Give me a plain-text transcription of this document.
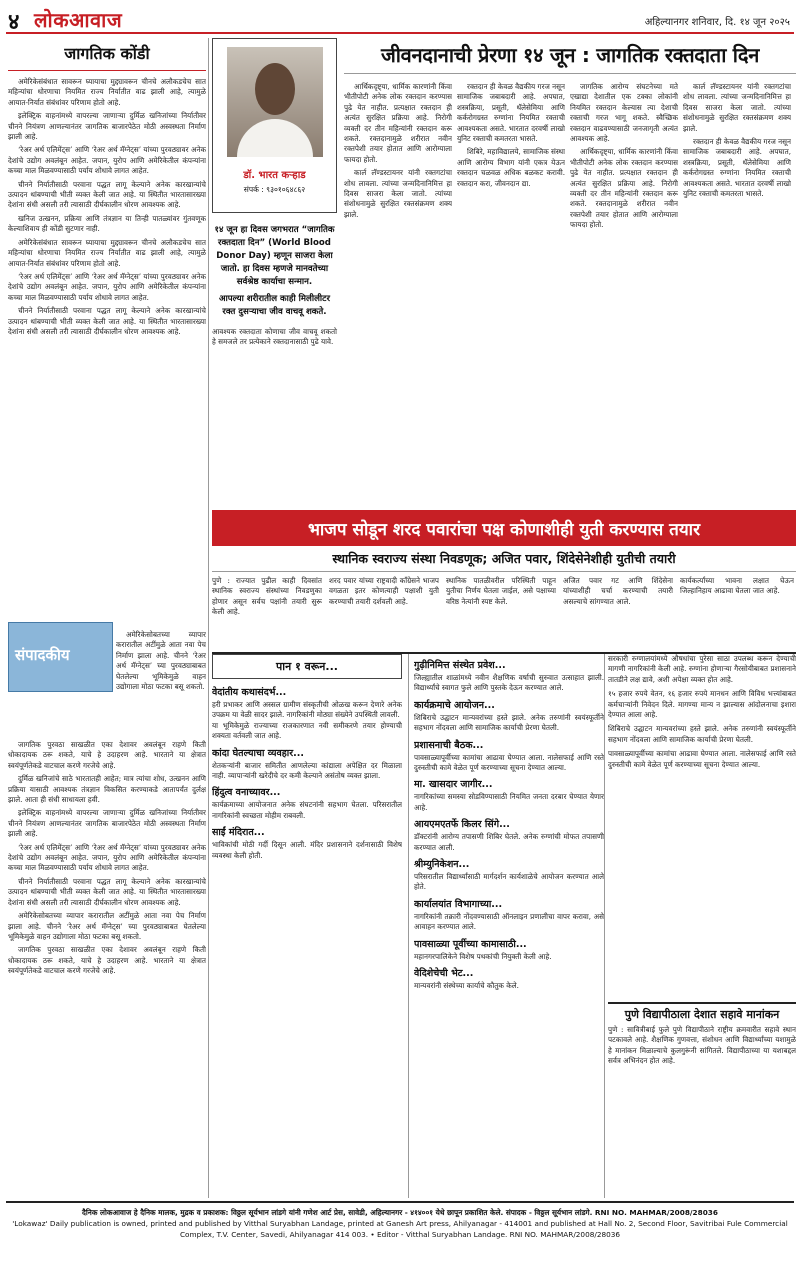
४ लोकआवाज	अहिल्यानगर शनिवार, दि. १४ जून २०२५
जागतिक कोंडी

अमेरिकेसंबंधात सावरून घ्यायाचा मुद्द्यावरून चीनचे अलौकडचेच सात महिन्यांचा धोरणाचा नियमित राज्य निर्यातीत वाढ झाली आहे, त्यामुळे आयात-निर्यात संबंधांवर परिणाम होतो आहे.

इलेक्ट्रिक वाहनांमध्ये वापरल्या जाणाऱ्या दुर्मिळ खनिजांच्या निर्यातीवर चीनने नियंत्रण आणल्यानंतर जागतिक बाजारपेठेत मोठी अस्वस्थता निर्माण झाली आहे.

‘रेअर अर्थ एलिमेंट्स’ आणि ‘रेअर अर्थ मॅग्नेट्स’ यांच्या पुरवठ्यावर अनेक देशांचे उद्योग अवलंबून आहेत. जपान, युरोप आणि अमेरिकेतील कंपन्यांना कच्चा माल मिळवण्यासाठी पर्याय शोधावे लागत आहेत.

चीनने निर्यातीसाठी परवाना पद्धत लागू केल्याने अनेक कारखान्यांचे उत्पादन थांबण्याची भीती व्यक्त केली जात आहे. या स्थितीत भारतासारख्या देशांना संधी असली तरी त्यासाठी दीर्घकालीन धोरण आवश्यक आहे.

खनिज उत्खनन, प्रक्रिया आणि तंत्रज्ञान या तिन्ही पातळ्यांवर गुंतवणूक केल्याशिवाय ही कोंडी सुटणार नाही.

अमेरिकेसंबंधात सावरून घ्यायाचा मुद्द्यावरून चीनचे अलौकडचेच सात महिन्यांचा धोरणाचा नियमित राज्य निर्यातीत वाढ झाली आहे, त्यामुळे आयात-निर्यात संबंधांवर परिणाम होतो आहे.

‘रेअर अर्थ एलिमेंट्स’ आणि ‘रेअर अर्थ मॅग्नेट्स’ यांच्या पुरवठ्यावर अनेक देशांचे उद्योग अवलंबून आहेत. जपान, युरोप आणि अमेरिकेतील कंपन्यांना कच्चा माल मिळवण्यासाठी पर्याय शोधावे लागत आहेत.

चीनने निर्यातीसाठी परवाना पद्धत लागू केल्याने अनेक कारखान्यांचे उत्पादन थांबण्याची भीती व्यक्त केली जात आहे. या स्थितीत भारतासारख्या देशांना संधी असली तरी त्यासाठी दीर्घकालीन धोरण आवश्यक आहे.

अमेरिकेसोबतच्या व्यापार करारातील अटींमुळे आता नवा पेच निर्माण झाला आहे. चीनने ‘रेअर अर्थ मॅग्नेट्स’ च्या पुरवठ्याबाबत घेतलेल्या भूमिकेमुळे वाहन उद्योगाला मोठा फटका बसू शकतो.

जागतिक पुरवठा साखळीत एका देशावर अवलंबून राहणे किती धोकादायक ठरू शकते, याचे हे उदाहरण आहे. भारताने या क्षेत्रात स्वयंपूर्णतेकडे वाटचाल करणे गरजेचे आहे.

दुर्मिळ खनिजांचे साठे भारतातही आहेत; मात्र त्यांचा शोध, उत्खनन आणि प्रक्रिया यासाठी आवश्यक तंत्रज्ञान विकसित करण्याकडे आतापर्यंत दुर्लक्ष झाले. आता ही संधी साधायला हवी.

इलेक्ट्रिक वाहनांमध्ये वापरल्या जाणाऱ्या दुर्मिळ खनिजांच्या निर्यातीवर चीनने नियंत्रण आणल्यानंतर जागतिक बाजारपेठेत मोठी अस्वस्थता निर्माण झाली आहे.

‘रेअर अर्थ एलिमेंट्स’ आणि ‘रेअर अर्थ मॅग्नेट्स’ यांच्या पुरवठ्यावर अनेक देशांचे उद्योग अवलंबून आहेत. जपान, युरोप आणि अमेरिकेतील कंपन्यांना कच्चा माल मिळवण्यासाठी पर्याय शोधावे लागत आहेत.

चीनने निर्यातीसाठी परवाना पद्धत लागू केल्याने अनेक कारखान्यांचे उत्पादन थांबण्याची भीती व्यक्त केली जात आहे. या स्थितीत भारतासारख्या देशांना संधी असली तरी त्यासाठी दीर्घकालीन धोरण आवश्यक आहे.

अमेरिकेसोबतच्या व्यापार करारातील अटींमुळे आता नवा पेच निर्माण झाला आहे. चीनने ‘रेअर अर्थ मॅग्नेट्स’ च्या पुरवठ्याबाबत घेतलेल्या भूमिकेमुळे वाहन उद्योगाला मोठा फटका बसू शकतो.

जागतिक पुरवठा साखळीत एका देशावर अवलंबून राहणे किती धोकादायक ठरू शकते, याचे हे उदाहरण आहे. भारताने या क्षेत्रात स्वयंपूर्णतेकडे वाटचाल करणे गरजेचे आहे.

संपादकीय
डॉ. भारत कऱ्हाड
संपर्क : ९३०१०६४८६२
जीवनदानाची प्रेरणा १४ जून : जागतिक रक्तदाता दिन
१४ जून हा दिवस जगभरात “जागतिक रक्तदाता दिन” (World Blood Donor Day) म्हणून साजरा केला जातो. हा दिवस म्हणजे मानवतेच्या सर्वश्रेष्ठ कार्याचा सन्मान.
आपल्या शरीरातील काही मिलीलीटर रक्त दुसऱ्याचा जीव वाचवू शकते.
आवश्यक रक्तदाता कोणाचा जीव वाचवू शकतो हे समजले तर प्रत्येकाने रक्तदानासाठी पुढे यावे.

आर्थिकदृष्ट्या, धार्मिक कारणांनी किंवा भीतीपोटी अनेक लोक रक्तदान करण्यास पुढे येत नाहीत. प्रत्यक्षात रक्तदान ही अत्यंत सुरक्षित प्रक्रिया आहे. निरोगी व्यक्ती दर तीन महिन्यांनी रक्तदान करू शकते. रक्तदानामुळे शरीरात नवीन रक्तपेशी तयार होतात आणि आरोग्याला फायदा होतो.

कार्ल लॅण्डस्टायनर यांनी रक्तगटांचा शोध लावला. त्यांच्या जन्मदिनानिमित्त हा दिवस साजरा केला जातो. त्यांच्या संशोधनामुळे सुरक्षित रक्तसंक्रमण शक्य झाले.

रक्तदान ही केवळ वैद्यकीय गरज नसून सामाजिक जबाबदारी आहे. अपघात, शस्त्रक्रिया, प्रसूती, थॅलेसेमिया आणि कर्करोगग्रस्त रुग्णांना नियमित रक्ताची आवश्यकता असते. भारतात दरवर्षी लाखो युनिट रक्ताची कमतरता भासते.

शिबिरे, महाविद्यालये, सामाजिक संस्था आणि आरोग्य विभाग यांनी एकत्र येऊन रक्तदान चळवळ अधिक बळकट करावी. रक्तदान करा, जीवनदान द्या.

जागतिक आरोग्य संघटनेच्या मते एखाद्या देशातील एक टक्का लोकांनी नियमित रक्तदान केल्यास त्या देशाची रक्ताची गरज भागू शकते. स्वैच्छिक रक्तदान वाढवण्यासाठी जनजागृती अत्यंत आवश्यक आहे.

आर्थिकदृष्ट्या, धार्मिक कारणांनी किंवा भीतीपोटी अनेक लोक रक्तदान करण्यास पुढे येत नाहीत. प्रत्यक्षात रक्तदान ही अत्यंत सुरक्षित प्रक्रिया आहे. निरोगी व्यक्ती दर तीन महिन्यांनी रक्तदान करू शकते. रक्तदानामुळे शरीरात नवीन रक्तपेशी तयार होतात आणि आरोग्याला फायदा होतो.

कार्ल लॅण्डस्टायनर यांनी रक्तगटांचा शोध लावला. त्यांच्या जन्मदिनानिमित्त हा दिवस साजरा केला जातो. त्यांच्या संशोधनामुळे सुरक्षित रक्तसंक्रमण शक्य झाले.

रक्तदान ही केवळ वैद्यकीय गरज नसून सामाजिक जबाबदारी आहे. अपघात, शस्त्रक्रिया, प्रसूती, थॅलेसेमिया आणि कर्करोगग्रस्त रुग्णांना नियमित रक्ताची आवश्यकता असते. भारतात दरवर्षी लाखो युनिट रक्ताची कमतरता भासते.

भाजप सोडून शरद पवारांचा पक्ष कोणाशीही युती करण्यास तयार
स्थानिक स्वराज्य संस्था निवडणूक; अजित पवार, शिंदेसेनेशीही युतीची तयारी
पुणे : राज्यात पुढील काही दिवसांत स्थानिक स्वराज्य संस्थांच्या निवडणुका होणार असून सर्वच पक्षांनी तयारी सुरू केली आहे.
शरद पवार यांच्या राष्ट्रवादी काँग्रेसने भाजप वगळता इतर कोणत्याही पक्षाशी युती करण्याची तयारी दर्शवली आहे.
स्थानिक पातळीवरील परिस्थिती पाहून युतीचा निर्णय घेतला जाईल, असे पक्षाच्या वरिष्ठ नेत्यांनी स्पष्ट केले.
अजित पवार गट आणि शिंदेसेना यांच्याशीही चर्चा करण्याची तयारी असल्याचे सांगण्यात आले.
कार्यकर्त्यांच्या भावना लक्षात घेऊन जिल्हानिहाय आढावा घेतला जात आहे.
पान १ वरून...
वेदांतीय कथासंदर्भ...
हरी प्रभाकर आणि अस्सल ग्रामीण संस्कृतीची ओळख करून देणारे अनेक उपक्रम या वेळी सादर झाले. नागरिकांनी मोठ्या संख्येने उपस्थिती लावली.
या भूमिकेमुळे राज्याच्या राजकारणात नवी समीकरणे तयार होण्याची शक्यता वर्तवली जात आहे.
कांदा घेतल्याचा व्यवहार...
शेतकऱ्यांनी बाजार समितीत आणलेल्या कांद्याला अपेक्षित दर मिळाला नाही. व्यापाऱ्यांनी खरेदीचे दर कमी केल्याने असंतोष व्यक्त झाला.
हिंदुत्व वनाच्यावर...
कार्यक्रमाच्या आयोजनात अनेक संघटनांनी सहभाग घेतला. परिसरातील नागरिकांनी स्वच्छता मोहीम राबवली.
साईं मंदिरात...
भाविकांची मोठी गर्दी दिसून आली. मंदिर प्रशासनाने दर्शनासाठी विशेष व्यवस्था केली होती.
गुढ़ीनिमित्त संस्थेत प्रवेश...
जिल्ह्यातील शाळांमध्ये नवीन शैक्षणिक वर्षाची सुरुवात उत्साहात झाली. विद्यार्थ्यांचे स्वागत फुले आणि पुस्तके देऊन करण्यात आले.
कार्यक्रमाचे आयोजन...
शिबिराचे उद्घाटन मान्यवरांच्या हस्ते झाले. अनेक तरुणांनी स्वयंस्फूर्तीने सहभाग नोंदवला आणि सामाजिक कार्याची प्रेरणा घेतली.
प्रशासनाची बैठक...
पावसाळ्यापूर्वीच्या कामांचा आढावा घेण्यात आला. नालेसफाई आणि रस्ते दुरुस्तीची कामे वेळेत पूर्ण करण्याच्या सूचना देण्यात आल्या.
मा. खासदार जागीर...
नागरिकांच्या समस्या सोडविण्यासाठी नियमित जनता दरबार घेण्यात येणार आहे.
आयएमएतर्फे किलर सिंगे...
डॉक्टरांनी आरोग्य तपासणी शिबिर घेतले. अनेक रुग्णांची मोफत तपासणी करण्यात आली.
श्रीम्युनिकेशन...
परिसरातील विद्यार्थ्यांसाठी मार्गदर्शन कार्यशाळेचे आयोजन करण्यात आले होते.
कार्यालयांत विभागाच्या...
नागरिकांनी तक्रारी नोंदवण्यासाठी ऑनलाइन प्रणालीचा वापर करावा, असे आवाहन करण्यात आले.
पावसाळ्या पूर्वीच्या कामासाठी...
महानगरपालिकेने विशेष पथकांची नियुक्ती केली आहे.
वेदिशेचेची भेट...
मान्यवरांनी संस्थेच्या कार्याचे कौतुक केले.
सरकारी रुग्णालयांमध्ये औषधांचा पुरेसा साठा उपलब्ध करून देण्याची मागणी नागरिकांनी केली आहे. रुग्णांना होणाऱ्या गैरसोयीबाबत प्रशासनाने तातडीने लक्ष द्यावे, अशी अपेक्षा व्यक्त होत आहे.
१५ हजार रुपये वेतन, १६ हजार रुपये मानधन आणि विविध भत्त्यांबाबत कर्मचाऱ्यांनी निवेदन दिले. मागण्या मान्य न झाल्यास आंदोलनाचा इशारा देण्यात आला आहे.
शिबिराचे उद्घाटन मान्यवरांच्या हस्ते झाले. अनेक तरुणांनी स्वयंस्फूर्तीने सहभाग नोंदवला आणि सामाजिक कार्याची प्रेरणा घेतली.
पावसाळ्यापूर्वीच्या कामांचा आढावा घेण्यात आला. नालेसफाई आणि रस्ते दुरुस्तीची कामे वेळेत पूर्ण करण्याच्या सूचना देण्यात आल्या.
पुणे विद्यापीठाला देशात सहावे मानांकन
पुणे : सावित्रीबाई फुले पुणे विद्यापीठाने राष्ट्रीय क्रमवारीत सहावे स्थान पटकावले आहे. शैक्षणिक गुणवत्ता, संशोधन आणि विद्यार्थ्यांच्या यशामुळे हे मानांकन मिळाल्याचे कुलगुरूंनी सांगितले. विद्यापीठाच्या या यशाबद्दल सर्वत्र अभिनंदन होत आहे.

दैनिक लोकआवाज हे दैनिक मालक, मुद्रक व प्रकाशक: विठ्ठल सूर्यभान लांडगे यांनी गणेश आर्ट प्रेस, सावेडी, अहिल्यानगर - ४१४००१ येथे छापून प्रकाशित केले. संपादक - विठ्ठल सूर्यभान लांडगे. RNI NO. MAHMAR/2008/28036

'Lokawaz' Daily publication is owned, printed and published by Vitthal Suryabhan Landage, printed at Ganesh Art press, Ahilyanagar - 414001 and published at Hall No. 2, Second Floor, Savitribai Fule Commercial Complex, T.V. Center, Savedi, Ahilyanagar 414 003. • Editor - Vitthal Suryabhan Landage. RNI NO. MAHMAR/2008/28036
